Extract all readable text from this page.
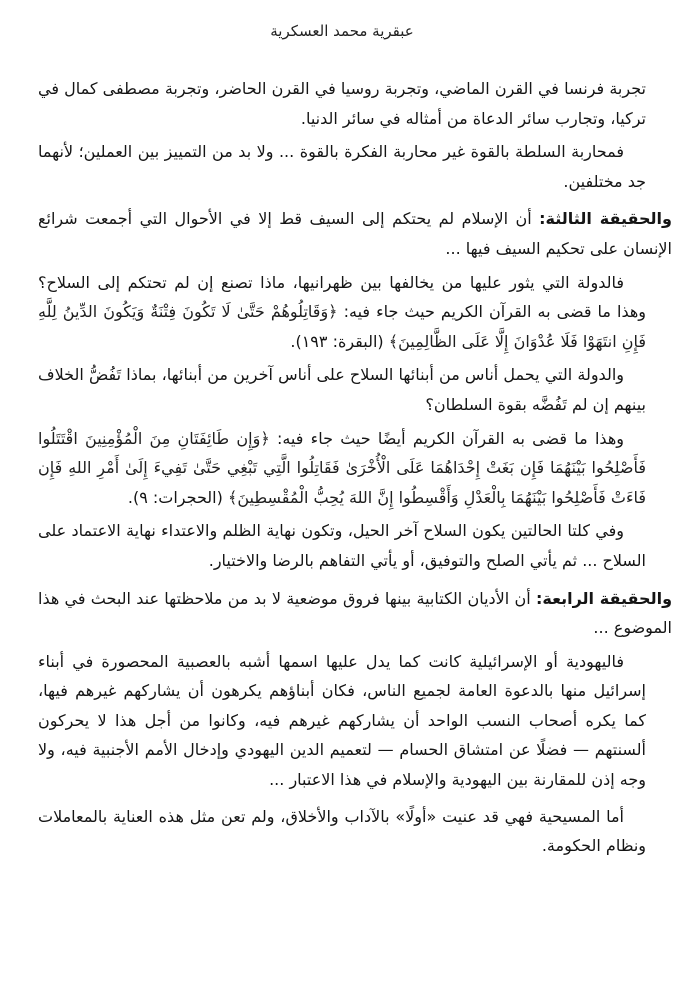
عبقرية محمد العسكرية

تجربة فرنسا في القرن الماضي، وتجربة روسيا في القرن الحاضر، وتجربة مصطفى كمال في تركيا، وتجارب سائر الدعاة من أمثاله في سائر الدنيا.

فمحاربة السلطة بالقوة غير محاربة الفكرة بالقوة ... ولا بد من التمييز بين العملين؛ لأنهما جد مختلفين.

والحقيقة الثالثة: أن الإسلام لم يحتكم إلى السيف قط إلا في الأحوال التي أجمعت شرائع الإنسان على تحكيم السيف فيها ...

فالدولة التي يثور عليها من يخالفها بين ظهرانيها، ماذا تصنع إن لم تحتكم إلى السلاح؟ وهذا ما قضى به القرآن الكريم حيث جاء فيه: ﴿وَقَاتِلُوهُمْ حَتَّىٰ لَا تَكُونَ فِتْنَةٌ وَيَكُونَ الدِّينُ لِلَّهِ فَإِنِ انتَهَوْا فَلَا عُدْوَانَ إِلَّا عَلَى الظَّالِمِينَ﴾ (البقرة: ١٩٣).

والدولة التي يحمل أناس من أبنائها السلاح على أناس آخرين من أبنائها، بماذا تَفُضُّ الخلاف بينهم إن لم تَفُضَّه بقوة السلطان؟

وهذا ما قضى به القرآن الكريم أيضًا حيث جاء فيه: ﴿وَإِن طَائِفَتَانِ مِنَ الْمُؤْمِنِينَ اقْتَتَلُوا فَأَصْلِحُوا بَيْنَهُمَا فَإِن بَغَتْ إِحْدَاهُمَا عَلَى الْأُخْرَىٰ فَقَاتِلُوا الَّتِي تَبْغِي حَتَّىٰ تَفِيءَ إِلَىٰ أَمْرِ اللهِ فَإِن فَاءَتْ فَأَصْلِحُوا بَيْنَهُمَا بِالْعَدْلِ وَأَقْسِطُوا إِنَّ اللهَ يُحِبُّ الْمُقْسِطِينَ﴾ (الحجرات: ٩).

وفي كلتا الحالتين يكون السلاح آخر الحيل، وتكون نهاية الظلم والاعتداء نهاية الاعتماد على السلاح ... ثم يأتي الصلح والتوفيق، أو يأتي التفاهم بالرضا والاختيار.

والحقيقة الرابعة: أن الأديان الكتابية بينها فروق موضعية لا بد من ملاحظتها عند البحث في هذا الموضوع ...

فاليهودية أو الإسرائيلية كانت كما يدل عليها اسمها أشبه بالعصبية المحصورة في أبناء إسرائيل منها بالدعوة العامة لجميع الناس، فكان أبناؤهم يكرهون أن يشاركهم غيرهم فيها، كما يكره أصحاب النسب الواحد أن يشاركهم غيرهم فيه، وكانوا من أجل هذا لا يحركون ألسنتهم — فضلًا عن امتشاق الحسام — لتعميم الدين اليهودي وإدخال الأمم الأجنبية فيه، ولا وجه إذن للمقارنة بين اليهودية والإسلام في هذا الاعتبار ...

أما المسيحية فهي قد عنيت «أولًا» بالآداب والأخلاق، ولم تعن مثل هذه العناية بالمعاملات ونظام الحكومة.
